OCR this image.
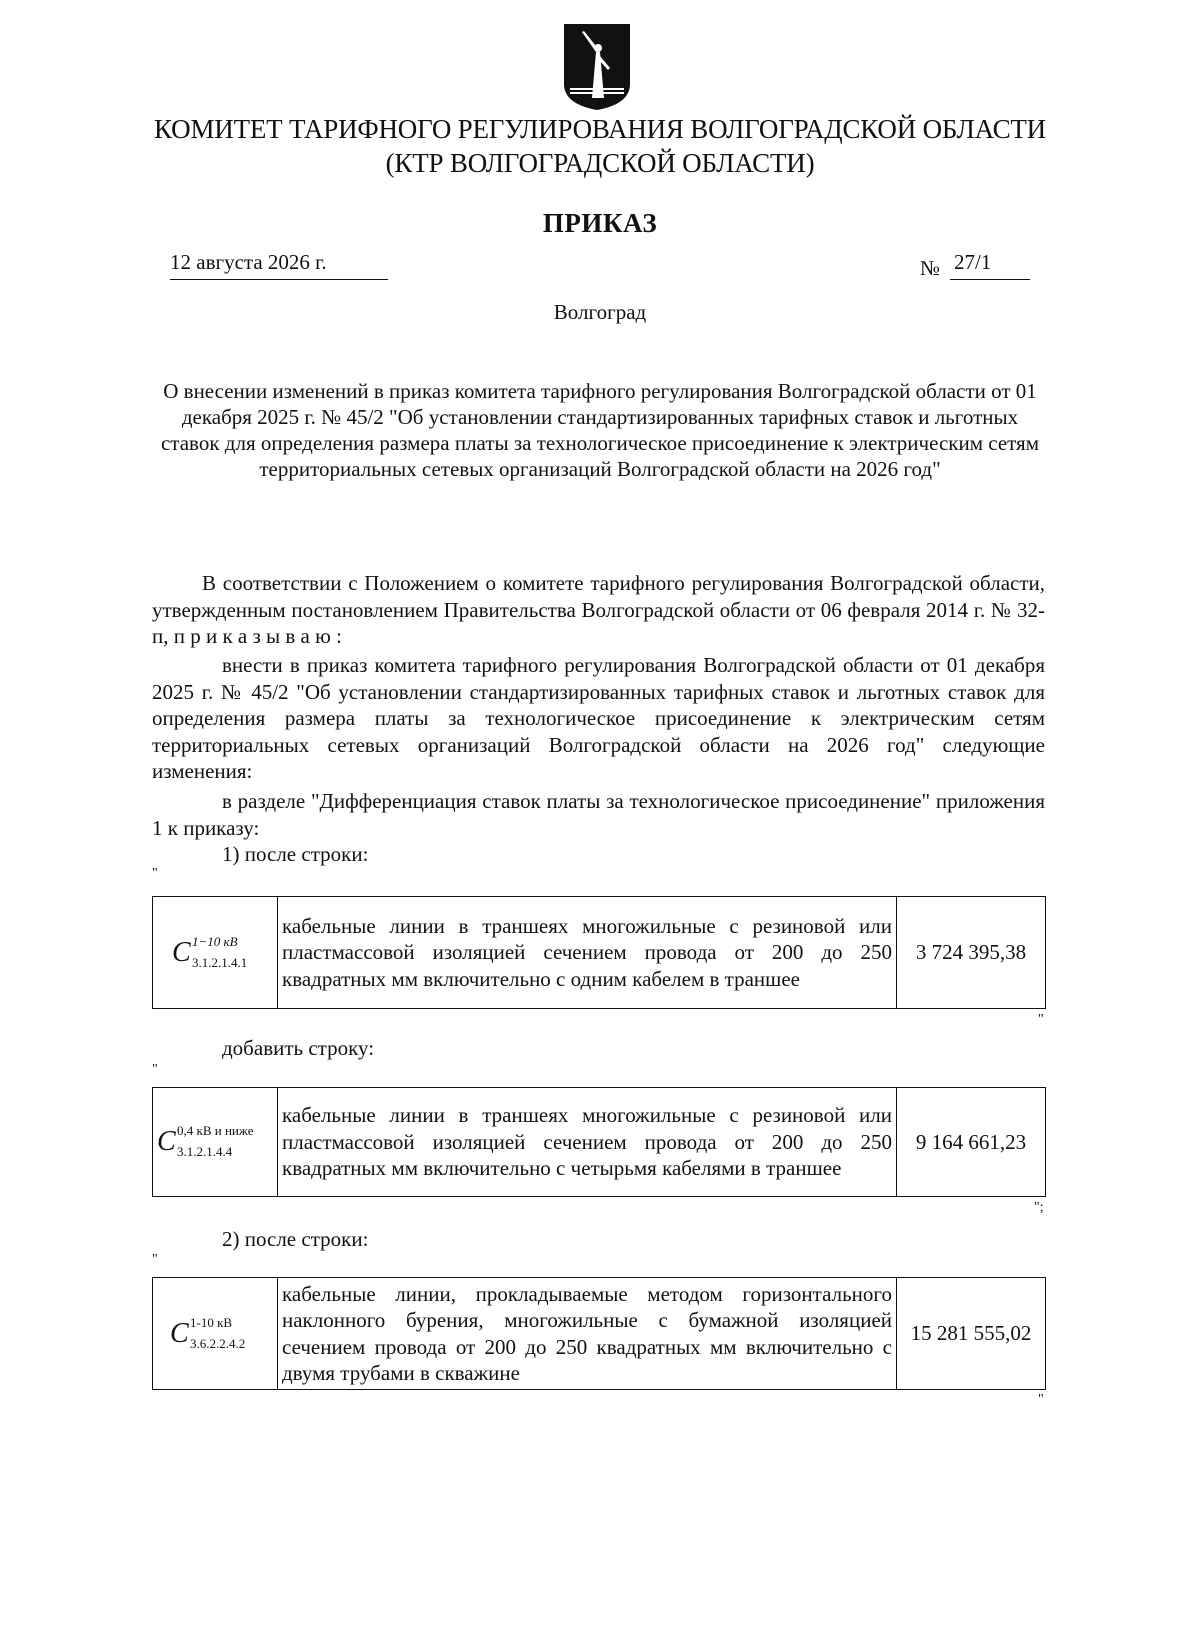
КОМИТЕТ ТАРИФНОГО РЕГУЛИРОВАНИЯ ВОЛГОГРАДСКОЙ ОБЛАСТИ
(КТР ВОЛГОГРАДСКОЙ ОБЛАСТИ)
ПРИКАЗ
12 августа 2026 г.	№ 27/1
Волгоград
О внесении изменений в приказ комитета тарифного регулирования Волгоградской области от 01 декабря 2025 г. № 45/2 "Об установлении стандартизированных тарифных ставок и льготных ставок для определения размера платы за технологическое присоединение к электрическим сетям территориальных сетевых организаций Волгоградской области на 2026 год"
В соответствии с Положением о комитете тарифного регулирования Волгоградской области, утвержденным постановлением Правительства Волгоградской области от 06 февраля 2014 г. № 32-п, п р и к а з ы в а ю :
внести в приказ комитета тарифного регулирования Волгоградской области от 01 декабря 2025 г. № 45/2 "Об установлении стандартизированных тарифных ставок и льготных ставок для определения размера платы за технологическое присоединение к электрическим сетям территориальных сетевых организаций Волгоградской области на 2026 год" следующие изменения:
в разделе "Дифференциация ставок платы за технологическое присоединение" приложения 1 к приказу:
1) после строки:
"
С 1−10 кВ
3.1.2.1.4.1
	кабельные линии в траншеях многожильные с резиновой или пластмассовой изоляцией сечением провода от 200 до 250 квадратных мм включительно с одним кабелем в траншее	3 724 395,38
"
добавить строку:
"
С 0,4 кВ и ниже
3.1.2.1.4.4
	кабельные линии в траншеях многожильные с резиновой или пластмассовой изоляцией сечением провода от 200 до 250 квадратных мм включительно с четырьмя кабелями в траншее	9 164 661,23
";
2) после строки:
"
С 1-10 кВ
3.6.2.2.4.2
	кабельные линии, прокладываемые методом горизонтального наклонного бурения, многожильные с бумажной изоляцией сечением провода от 200 до 250 квадратных мм включительно с двумя трубами в скважине	15 281 555,02
"
